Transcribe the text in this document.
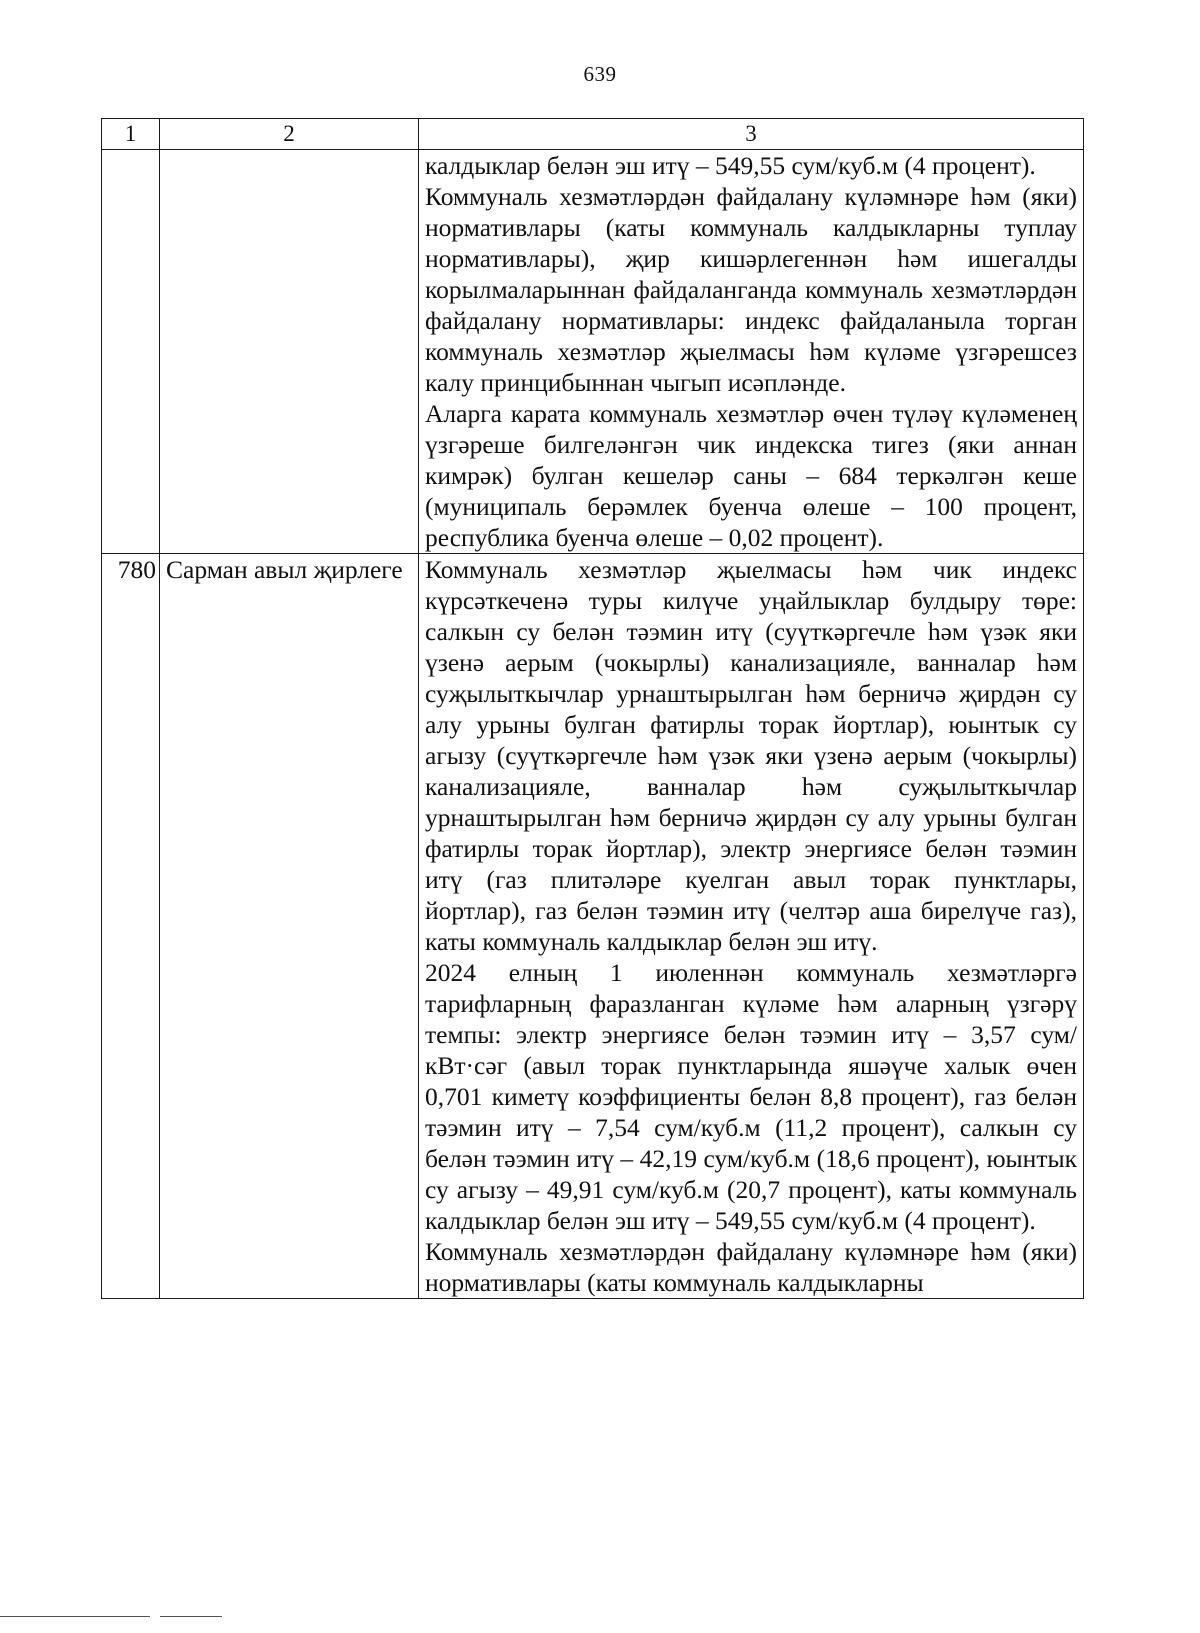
639
1	2	3

		калдыклар белән эш итү – 549,55 сум/куб.м (4 процент).

Коммуналь хезмәтләрдән файдалану күләмнәре һәм (яки) нормативлары (каты коммуналь калдыкларны туплау нормативлары), җир кишәрлегеннән һәм ишегалды корылмаларыннан файдаланганда коммуналь хезмәтләрдән файдалану нормативлары: индекс файдаланыла торган коммуналь хезмәтләр җыелмасы һәм күләме үзгәрешсез калу принцибыннан чыгып исәпләнде.

Аларга карата коммуналь хезмәтләр өчен түләү күләменең үзгәреше билгеләнгән чик индекска тигез (яки аннан кимрәк) булган кешеләр саны – 684 теркәлгән кеше (муниципаль берәмлек буенча өлеше – 100 процент, республика буенча өлеше – 0,02 процент).

780	Сарман авыл җирлеге	Коммуналь хезмәтләр җыелмасы һәм чик индекс күрсәткеченә туры килүче уңайлыклар булдыру төре: салкын су белән тәэмин итү (суүткәргечле һәм үзәк яки үзенә аерым (чокырлы) канализацияле, ванналар һәм суҗылыткычлар урнаштырылган һәм берничә җирдән су алу урыны булган фатирлы торак йортлар), юынтык су агызу (суүткәргечле һәм үзәк яки үзенә аерым (чокырлы) канализацияле, ванналар һәм суҗылыткычлар урнаштырылган һәм берничә җирдән су алу урыны булган фатирлы торак йортлар), электр энергиясе белән тәэмин итү (газ плитәләре куелган авыл торак пунктлары, йортлар), газ белән тәэмин итү (челтәр аша бирелүче газ), каты коммуналь калдыклар белән эш итү.

2024 елның 1 июленнән коммуналь хезмәтләргә тарифларның фаразланган күләме һәм аларның үзгәрү темпы: электр энергиясе белән тәэмин итү – 3,57 сум/кВт·сәг (авыл торак пунктларында яшәүче халык өчен 0,701 киметү коэффициенты белән 8,8 процент), газ белән тәэмин итү – 7,54 сум/куб.м (11,2 процент), салкын су белән тәэмин итү – 42,19 сум/куб.м (18,6 процент), юынтык су агызу – 49,91 сум/куб.м (20,7 процент), каты коммуналь калдыклар белән эш итү – 549,55 сум/куб.м (4 процент).

Коммуналь хезмәтләрдән файдалану күләмнәре һәм (яки) нормативлары (каты коммуналь калдыкларны
